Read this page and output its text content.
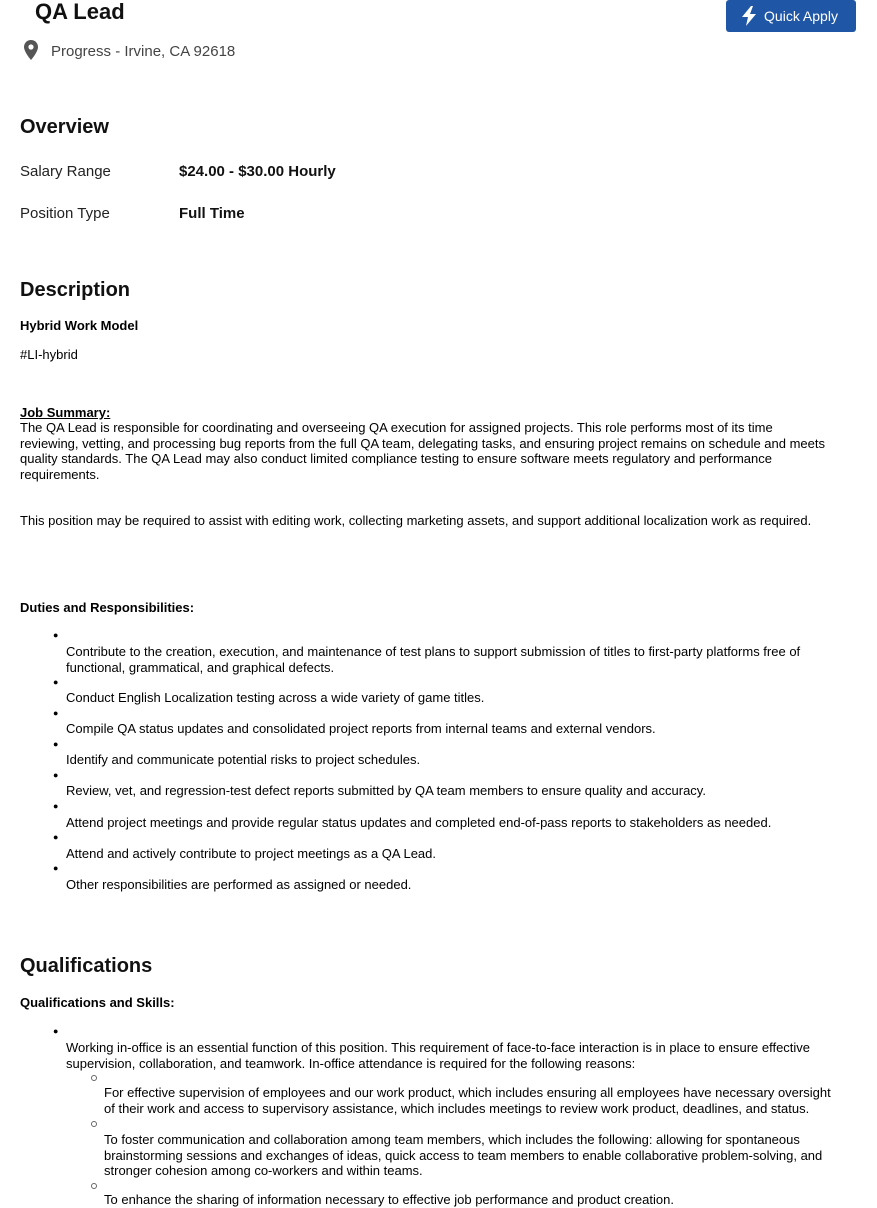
QA Lead	Quick Apply
Progress - Irvine, CA 92618
Overview
Salary Range	$24.00 - $30.00 Hourly
Position Type	Full Time
Description
Hybrid Work Model
#LI-hybrid
Job Summary:
The QA Lead is responsible for coordinating and overseeing QA execution for assigned projects. This role performs most of its time
reviewing, vetting, and processing bug reports from the full QA team, delegating tasks, and ensuring project remains on schedule and meets
quality standards. The QA Lead may also conduct limited compliance testing to ensure software meets regulatory and performance
requirements.
This position may be required to assist with editing work, collecting marketing assets, and support additional localization work as required.
Duties and Responsibilities:
●
Contribute to the creation, execution, and maintenance of test plans to support submission of titles to first-party platforms free of
functional, grammatical, and graphical defects.
●
Conduct English Localization testing across a wide variety of game titles.
●
Compile QA status updates and consolidated project reports from internal teams and external vendors.
●
Identify and communicate potential risks to project schedules.
●
Review, vet, and regression-test defect reports submitted by QA team members to ensure quality and accuracy.
●
Attend project meetings and provide regular status updates and completed end-of-pass reports to stakeholders as needed.
●
Attend and actively contribute to project meetings as a QA Lead.
●
Other responsibilities are performed as assigned or needed.
Qualifications
Qualifications and Skills:
●
Working in-office is an essential function of this position. This requirement of face-to-face interaction is in place to ensure effective
supervision, collaboration, and teamwork. In-office attendance is required for the following reasons:
For effective supervision of employees and our work product, which includes ensuring all employees have necessary oversight
of their work and access to supervisory assistance, which includes meetings to review work product, deadlines, and status.
To foster communication and collaboration among team members, which includes the following: allowing for spontaneous
brainstorming sessions and exchanges of ideas, quick access to team members to enable collaborative problem-solving, and
stronger cohesion among co-workers and within teams.
To enhance the sharing of information necessary to effective job performance and product creation.
